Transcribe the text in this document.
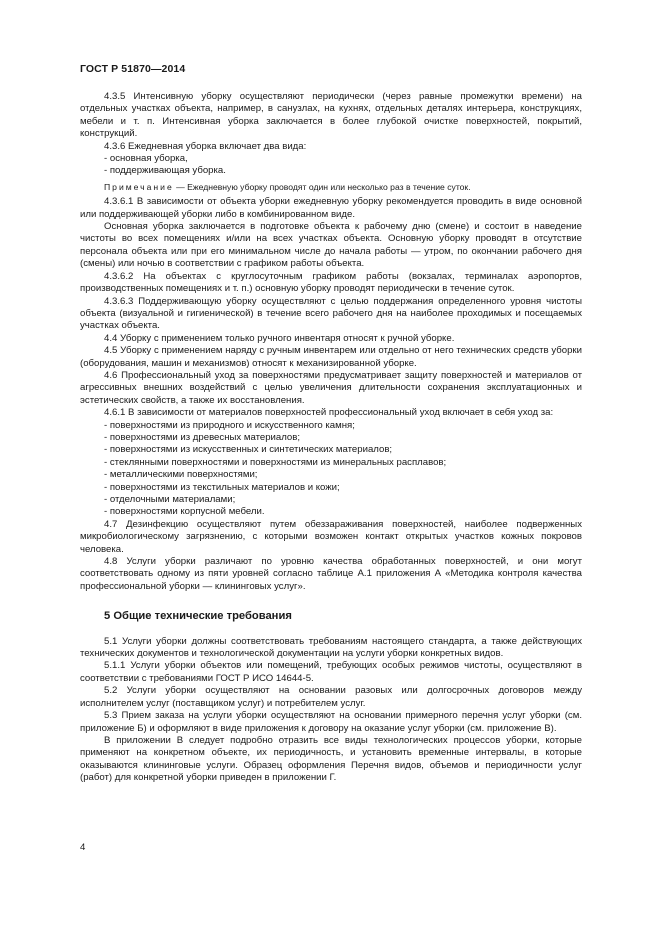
ГОСТ Р 51870—2014

4.3.5 Интенсивную уборку осуществляют периодически (через равные промежутки времени) на отдельных участках объекта, например, в санузлах, на кухнях, отдельных деталях интерьера, конструкциях, мебели и т. п. Интенсивная уборка заключается в более глубокой очистке поверхностей, покрытий, конструкций.

4.3.6 Ежедневная уборка включает два вида:

- основная уборка,

- поддерживающая уборка.

Примечание — Ежедневную уборку проводят один или несколько раз в течение суток.

4.3.6.1 В зависимости от объекта уборки ежедневную уборку рекомендуется проводить в виде основной или поддерживающей уборки либо в комбинированном виде.

Основная уборка заключается в подготовке объекта к рабочему дню (смене) и состоит в наведение чистоты во всех помещениях и/или на всех участках объекта. Основную уборку проводят в отсутствие персонала объекта или при его минимальном числе до начала работы — утром, по окончании рабочего дня (смены) или ночью в соответствии с графиком работы объекта.

4.3.6.2 На объектах с круглосуточным графиком работы (вокзалах, терминалах аэропортов, производственных помещениях и т. п.) основную уборку проводят периодически в течение суток.

4.3.6.3 Поддерживающую уборку осуществляют с целью поддержания определенного уровня чистоты объекта (визуальной и гигиенической) в течение всего рабочего дня на наиболее проходимых и посещаемых участках объекта.

4.4 Уборку с применением только ручного инвентаря относят к ручной уборке.

4.5 Уборку с применением наряду с ручным инвентарем или отдельно от него технических средств уборки (оборудования, машин и механизмов) относят к механизированной уборке.

4.6 Профессиональный уход за поверхностями предусматривает защиту поверхностей и материалов от агрессивных внешних воздействий с целью увеличения длительности сохранения эксплуатационных и эстетических свойств, а также их восстановления.

4.6.1 В зависимости от материалов поверхностей профессиональный уход включает в себя уход за:

- поверхностями из природного и искусственного камня;

- поверхностями из древесных материалов;

- поверхностями из искусственных и синтетических материалов;

- стеклянными поверхностями и поверхностями из минеральных расплавов;

- металлическими поверхностями;

- поверхностями из текстильных материалов и кожи;

- отделочными материалами;

- поверхностями корпусной мебели.

4.7 Дезинфекцию осуществляют путем обеззараживания поверхностей, наиболее подверженных микробиологическому загрязнению, с которыми возможен контакт открытых участков кожных покровов человека.

4.8 Услуги уборки различают по уровню качества обработанных поверхностей, и они могут соответствовать одному из пяти уровней согласно таблице А.1 приложения А «Методика контроля качества профессиональной уборки — клининговых услуг».

5 Общие технические требования

5.1 Услуги уборки должны соответствовать требованиям настоящего стандарта, а также действующих технических документов и технологической документации на услуги уборки конкретных видов.

5.1.1 Услуги уборки объектов или помещений, требующих особых режимов чистоты, осуществляют в соответствии с требованиями ГОСТ Р ИСО 14644-5.

5.2 Услуги уборки осуществляют на основании разовых или долгосрочных договоров между исполнителем услуг (поставщиком услуг) и потребителем услуг.

5.3 Прием заказа на услуги уборки осуществляют на основании примерного перечня услуг уборки (см. приложение Б) и оформляют в виде приложения к договору на оказание услуг уборки (см. приложение В).

В приложении В следует подробно отразить все виды технологических процессов уборки, которые применяют на конкретном объекте, их периодичность, и установить временные интервалы, в которые оказываются клининговые услуги. Образец оформления Перечня видов, объемов и периодичности услуг (работ) для конкретной уборки приведен в приложении Г.

4
